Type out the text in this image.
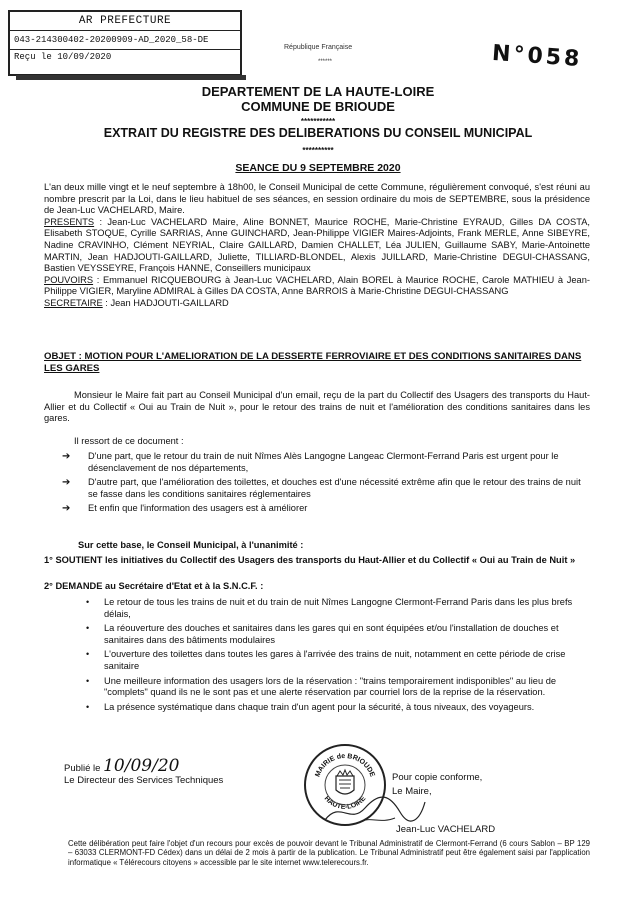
AR PREFECTURE
043-214300402-20200909-AD_2020_58-DE
Reçu le 10/09/2020
République Française
******	N°058
DEPARTEMENT DE LA HAUTE-LOIRE
COMMUNE DE BRIOUDE
***********
EXTRAIT DU REGISTRE DES DELIBERATIONS DU CONSEIL MUNICIPAL
**********
SEANCE DU 9 SEPTEMBRE 2020
L'an deux mille vingt et le neuf septembre à 18h00, le Conseil Municipal de cette Commune, régulièrement convoqué, s'est réuni au nombre prescrit par la Loi, dans le lieu habituel de ses séances, en session ordinaire du mois de SEPTEMBRE, sous la présidence de Jean-Luc VACHELARD, Maire.
PRESENTS : Jean-Luc VACHELARD Maire, Aline BONNET, Maurice ROCHE, Marie-Christine EYRAUD, Gilles DA COSTA, Elisabeth STOQUE, Cyrille SARRIAS, Anne GUINCHARD, Jean-Philippe VIGIER Maires-Adjoints, Frank MERLE, Anne SIBEYRE, Nadine CRAVINHO, Clément NEYRIAL, Claire GAILLARD, Damien CHALLET, Léa JULIEN, Guillaume SABY, Marie-Antoinette MARTIN, Jean HADJOUTI-GAILLARD, Juliette, TILLIARD-BLONDEL, Alexis JUILLARD, Marie-Christine DEGUI-CHASSANG, Bastien VEYSSEYRE, François HANNE, Conseillers municipaux
POUVOIRS : Emmanuel RICQUEBOURG à Jean-Luc VACHELARD, Alain BOREL à Maurice ROCHE, Carole MATHIEU à Jean-Philippe VIGIER, Maryline ADMIRAL à Gilles DA COSTA, Anne BARROIS à Marie-Christine DEGUI-CHASSANG
SECRETAIRE : Jean HADJOUTI-GAILLARD
OBJET : MOTION POUR L'AMELIORATION DE LA DESSERTE FERROVIAIRE ET DES CONDITIONS SANITAIRES DANS LES GARES
Monsieur le Maire fait part au Conseil Municipal d'un email, reçu de la part du Collectif des Usagers des transports du Haut-Allier et du Collectif « Oui au Train de Nuit », pour le retour des trains de nuit et l'amélioration des conditions sanitaires dans les gares.
Il ressort de ce document :
➔	D'une part, que le retour du train de nuit Nîmes Alès Langogne Langeac Clermont-Ferrand Paris est urgent pour le désenclavement de nos départements,
➔	D'autre part, que l'amélioration des toilettes, et douches est d'une nécessité extrême afin que le retour des trains de nuit se fasse dans les conditions sanitaires réglementaires
➔	Et enfin que l'information des usagers est à améliorer
Sur cette base, le Conseil Municipal, à l'unanimité :
1° SOUTIENT les initiatives du Collectif des Usagers des transports du Haut-Allier et du Collectif « Oui au Train de Nuit »
2° DEMANDE au Secrétaire d'Etat et à la S.N.C.F. :
•	Le retour de tous les trains de nuit et du train de nuit Nîmes Langogne Clermont-Ferrand Paris dans les plus brefs délais,
•	La réouverture des douches et sanitaires dans les gares qui en sont équipées et/ou l'installation de douches et sanitaires dans des bâtiments modulaires
•	L'ouverture des toilettes dans toutes les gares à l'arrivée des trains de nuit, notamment en cette période de crise sanitaire
•	Une meilleure information des usagers lors de la réservation : "trains temporairement indisponibles" au lieu de "complets" quand ils ne le sont pas et une alerte réservation par courriel lors de la reprise de la réservation.
•	La présence systématique dans chaque train d'un agent pour la sécurité, à tous niveaux, des voyageurs.
Publié le 10/09/20
Le Directeur des Services Techniques
MAIRIE de BRIOUDE
HAUTE-LOIRE
Pour copie conforme,
Le Maire,
Jean-Luc VACHELARD
Cette délibération peut faire l'objet d'un recours pour excès de pouvoir devant le Tribunal Administratif de Clermont-Ferrand (6 cours Sablon – BP 129 – 63033 CLERMONT-FD Cédex) dans un délai de 2 mois à partir de la publication. Le Tribunal Administratif peut être également saisi par l'application informatique « Télérecours citoyens » accessible par le site internet www.telerecours.fr.
